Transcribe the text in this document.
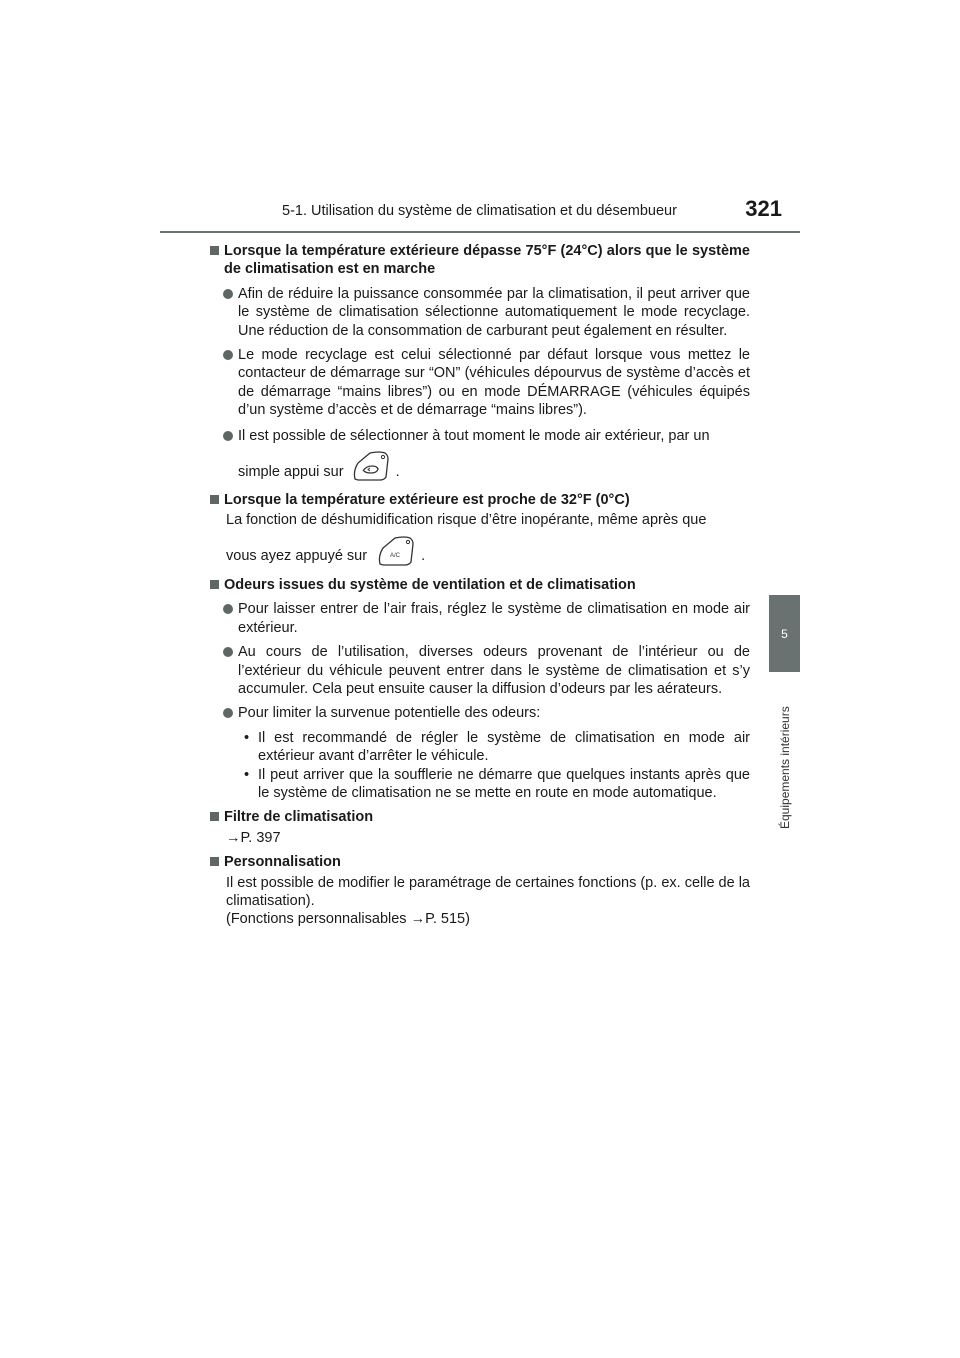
5-1. Utilisation du système de climatisation et du désembueur	321
5
Équipements intérieurs
Lorsque la température extérieure dépasse 75°F (24°C) alors que le système de climatisation est en marche
Afin de réduire la puissance consommée par la climatisation, il peut arriver que le système de climatisation sélectionne automatiquement le mode recyclage. Une réduction de la consommation de carburant peut également en résulter.
Le mode recyclage est celui sélectionné par défaut lorsque vous mettez le contacteur de démarrage sur “ON” (véhicules dépourvus de système d’accès et de démarrage “mains libres”) ou en mode DÉMARRAGE (véhicules équipés d’un système d’accès et de démarrage “mains libres”).
Il est possible de sélectionner à tout moment le mode air extérieur, par un
simple appui sur	.
Lorsque la température extérieure est proche de 32°F (0°C)
La fonction de déshumidification risque d’être inopérante, même après que
vous ayez appuyé sur	A/C .
Odeurs issues du système de ventilation et de climatisation
Pour laisser entrer de l’air frais, réglez le système de climatisation en mode air extérieur.
Au cours de l’utilisation, diverses odeurs provenant de l’intérieur ou de l’extérieur du véhicule peuvent entrer dans le système de climatisation et s’y accumuler. Cela peut ensuite causer la diffusion d’odeurs par les aérateurs.
Pour limiter la survenue potentielle des odeurs:
• Il est recommandé de régler le système de climatisation en mode air extérieur avant d’arrêter le véhicule.
• Il peut arriver que la soufflerie ne démarre que quelques instants après que le système de climatisation ne se mette en route en mode automatique.
Filtre de climatisation
→P. 397
Personnalisation
Il est possible de modifier le paramétrage de certaines fonctions (p. ex. celle de la climatisation).
(Fonctions personnalisables →P. 515)
